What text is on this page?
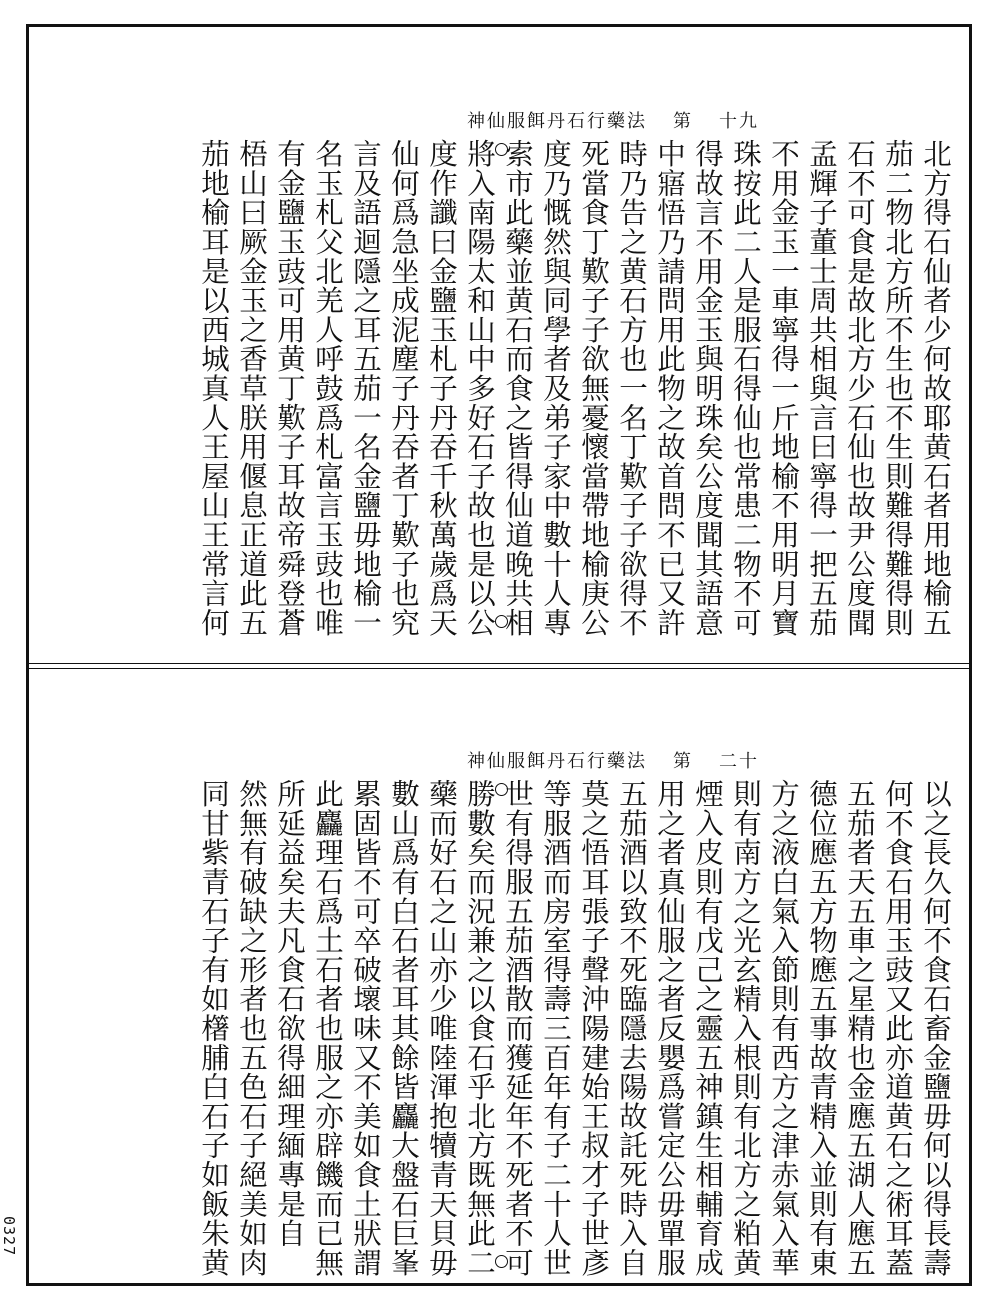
神仙服餌丹石行藥法 第 十九
北方得石仙者少何故耶黄石者用地榆五
茄二物北方所不生也不生則難得難得則
石不可食是故北方少石仙也故尹公度聞
孟輝子董士周共相與言曰寧得一把五茄
不用金玉一車寧得一斤地榆不用明月寶
珠按此二人是服石得仙也常患二物不可
得故言不用金玉與明珠矣公度聞其語意
中寤悟乃請問用此物之故首問不已又許
時乃告之黄石方也一名丁歎子子欲得不
死當食丁歎子子欲無憂懷當帶地榆庚公
度乃慨然與同學者及弟子家中數十人專
索市此藥並黄石而食之皆得仙道晚共相
將入南陽太和山中多好石子故也是以公
度作讖曰金鹽玉札子丹吞千秋萬歲爲天
仙何爲急坐成泥塵子丹吞者丁歎子也究
言及語迴隱之耳五茄一名金鹽毋地榆一
名玉札父北羌人呼鼓爲札富言玉豉也唯
有金鹽玉豉可用黄丁歎子耳故帝舜登蒼
梧山曰厥金玉之香草朕用偃息正道此五
茄地榆耳是以西城真人王屋山王常言何
神仙服餌丹石行藥法 第 二十
以之長久何不食石畜金鹽毋何以得長壽
何不食石用玉豉又此亦道黄石之術耳蓋
五茄者天五車之星精也金應五湖人應五
德位應五方物應五事故青精入並則有東
方之液白氣入節則有西方之津赤氣入華
則有南方之光玄精入根則有北方之粕黄
煙入皮則有戊己之靈五神鎮生相輔育成
用之者真仙服之者反嬰爲嘗定公毋單服
五茄酒以致不死臨隱去陽故託死時入自
莫之悟耳張子聲沖陽建始王叔才子世彥
等服酒而房室得壽三百年有子二十人世
世有得服五茄酒散而獲延年不死者不可
勝數矣而況兼之以食石乎北方既無此二
藥而好石之山亦少唯陸渾抱犢青天貝毋
數山爲有白石者耳其餘皆麤大盤石巨峯
累固皆不可卒破壞味又不美如食土狀謂
此麤理石爲土石者也服之亦辟饑而已無
所延益矣夫凡食石欲得細理緬專是自
然無有破缺之形者也五色石子絕美如肉
同甘紫青石子有如櫡脯白石子如飯朱黄
0327
